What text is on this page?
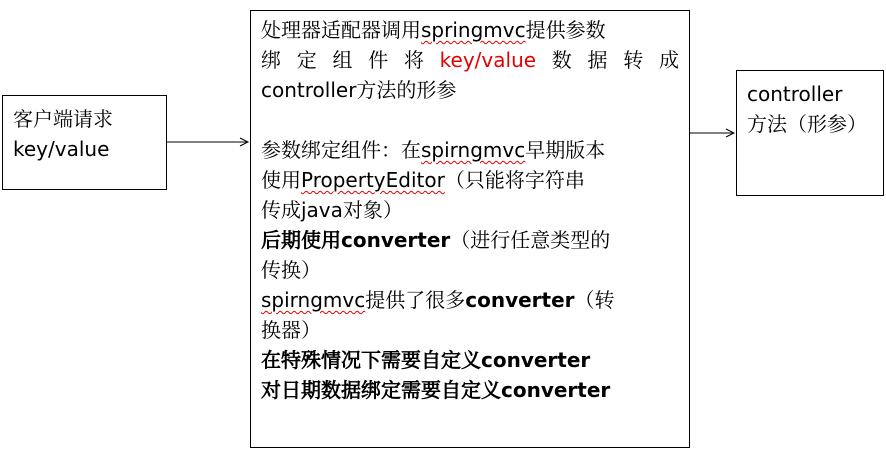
客户端请求
key/value
处理器适配器调用springmvc提供参数
绑 定 组 件 将 key/value 数 据 转 成
controller方法的形参
参数绑定组件：在spirngmvc早期版本
使用PropertyEditor（只能将字符串
传成java对象）
后期使用converter（进行任意类型的
传换）
spirngmvc提供了很多converter（转
换器）
在特殊情况下需要自定义converter
对日期数据绑定需要自定义converter
controller
方法（形参）
